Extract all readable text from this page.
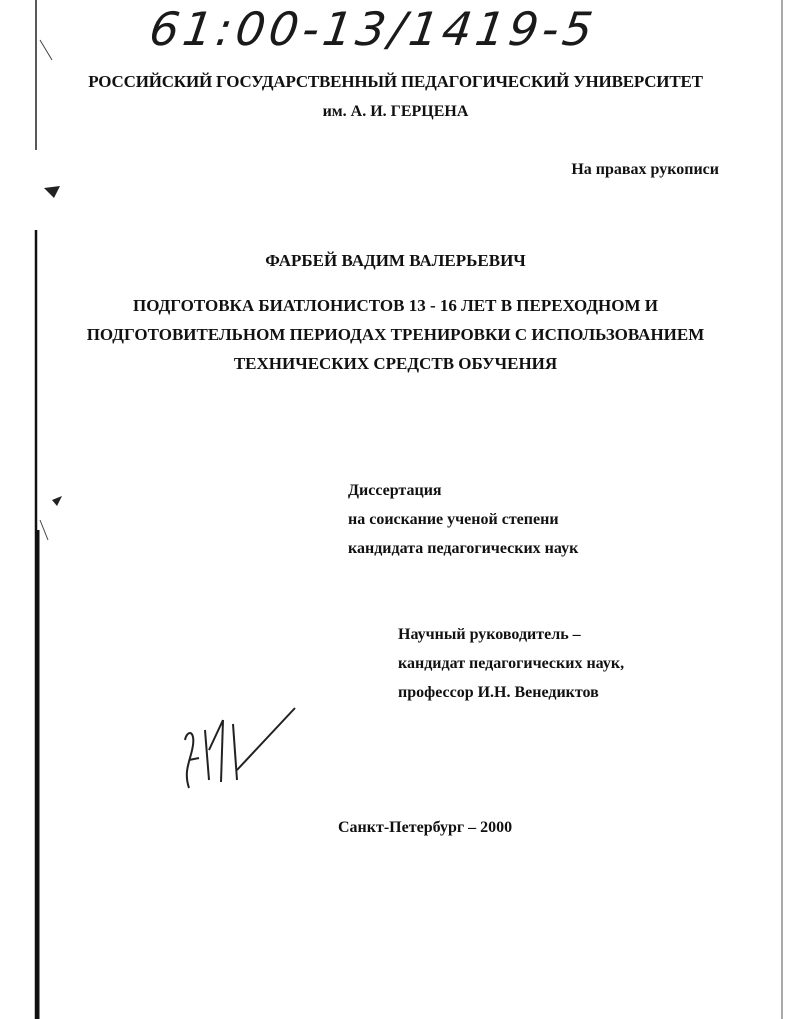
61:00-13/1419-5
РОССИЙСКИЙ ГОСУДАРСТВЕННЫЙ ПЕДАГОГИЧЕСКИЙ УНИВЕРСИТЕТ
им. А. И. ГЕРЦЕНА
На правах рукописи
ФАРБЕЙ ВАДИМ ВАЛЕРЬЕВИЧ
ПОДГОТОВКА БИАТЛОНИСТОВ 13 - 16 ЛЕТ В ПЕРЕХОДНОМ И
ПОДГОТОВИТЕЛЬНОМ ПЕРИОДАХ ТРЕНИРОВКИ С ИСПОЛЬЗОВАНИЕМ
ТЕХНИЧЕСКИХ СРЕДСТВ ОБУЧЕНИЯ
Диссертация
на соискание ученой степени
кандидата педагогических наук
Научный руководитель –
кандидат педагогических наук,
профессор И.Н. Венедиктов
Санкт-Петербург – 2000
